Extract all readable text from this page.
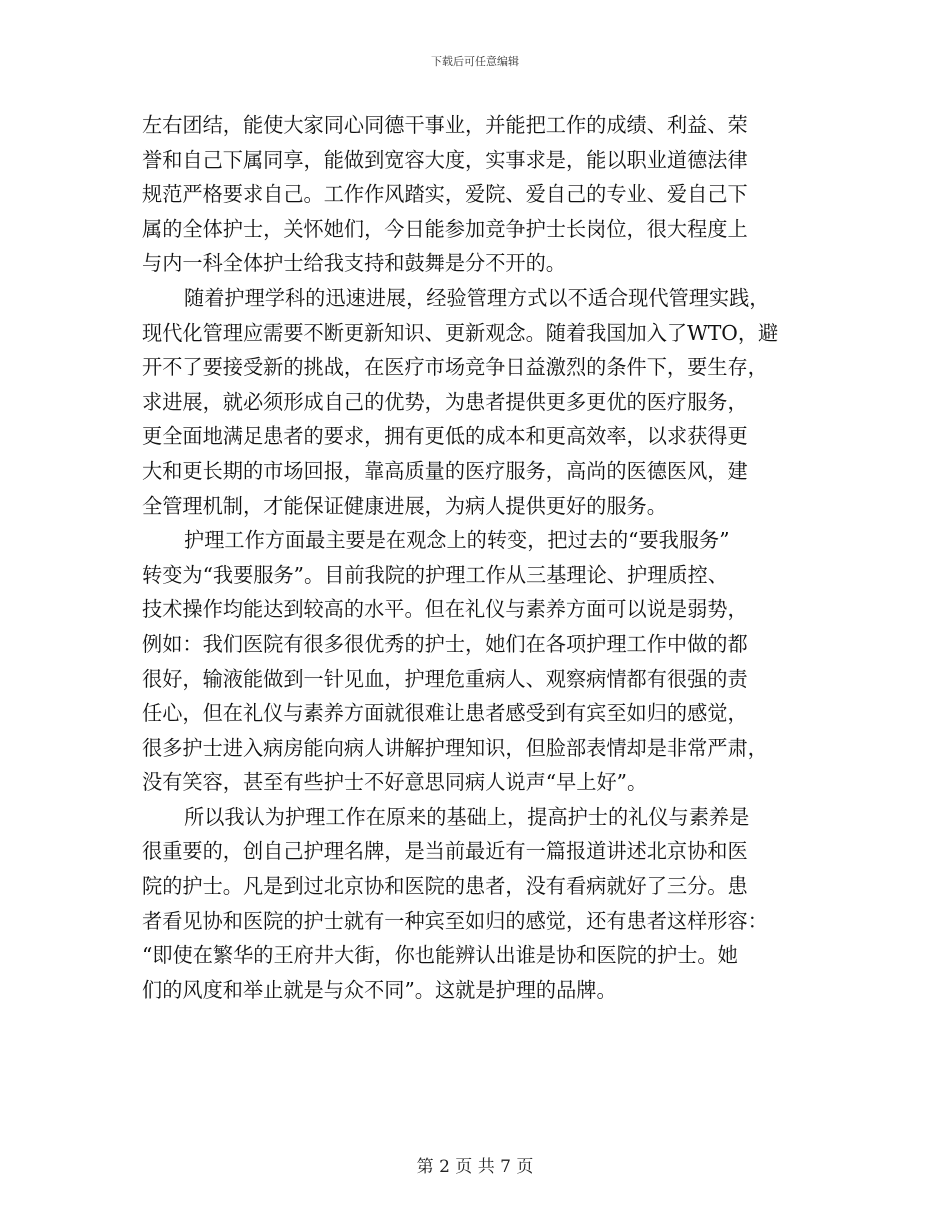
下载后可任意编辑
左右团结，能使大家同心同德干事业，并能把工作的成绩、利益、荣
誉和自己下属同享，能做到宽容大度，实事求是，能以职业道德法律
规范严格要求自己。工作作风踏实，爱院、爱自己的专业、爱自己下
属的全体护士，关怀她们，今日能参加竞争护士长岗位，很大程度上
与内一科全体护士给我支持和鼓舞是分不开的。
随着护理学科的迅速进展，经验管理方式以不适合现代管理实践，
现代化管理应需要不断更新知识、更新观念。随着我国加入了WTO，避
开不了要接受新的挑战，在医疗市场竞争日益激烈的条件下，要生存，
求进展，就必须形成自己的优势，为患者提供更多更优的医疗服务，
更全面地满足患者的要求，拥有更低的成本和更高效率，以求获得更
大和更长期的市场回报，靠高质量的医疗服务，高尚的医德医风，建
全管理机制，才能保证健康进展，为病人提供更好的服务。
护理工作方面最主要是在观念上的转变，把过去的“要我服务”
转变为“我要服务”。目前我院的护理工作从三基理论、护理质控、
技术操作均能达到较高的水平。但在礼仪与素养方面可以说是弱势，
例如：我们医院有很多很优秀的护士，她们在各项护理工作中做的都
很好，输液能做到一针见血，护理危重病人、观察病情都有很强的责
任心，但在礼仪与素养方面就很难让患者感受到有宾至如归的感觉，
很多护士进入病房能向病人讲解护理知识，但脸部表情却是非常严肃，
没有笑容，甚至有些护士不好意思同病人说声“早上好”。
所以我认为护理工作在原来的基础上，提高护士的礼仪与素养是
很重要的，创自己护理名牌，是当前最近有一篇报道讲述北京协和医
院的护士。凡是到过北京协和医院的患者，没有看病就好了三分。患
者看见协和医院的护士就有一种宾至如归的感觉，还有患者这样形容：
“即使在繁华的王府井大街，你也能辨认出谁是协和医院的护士。她
们的风度和举止就是与众不同”。这就是护理的品牌。
第 2 页 共 7 页
